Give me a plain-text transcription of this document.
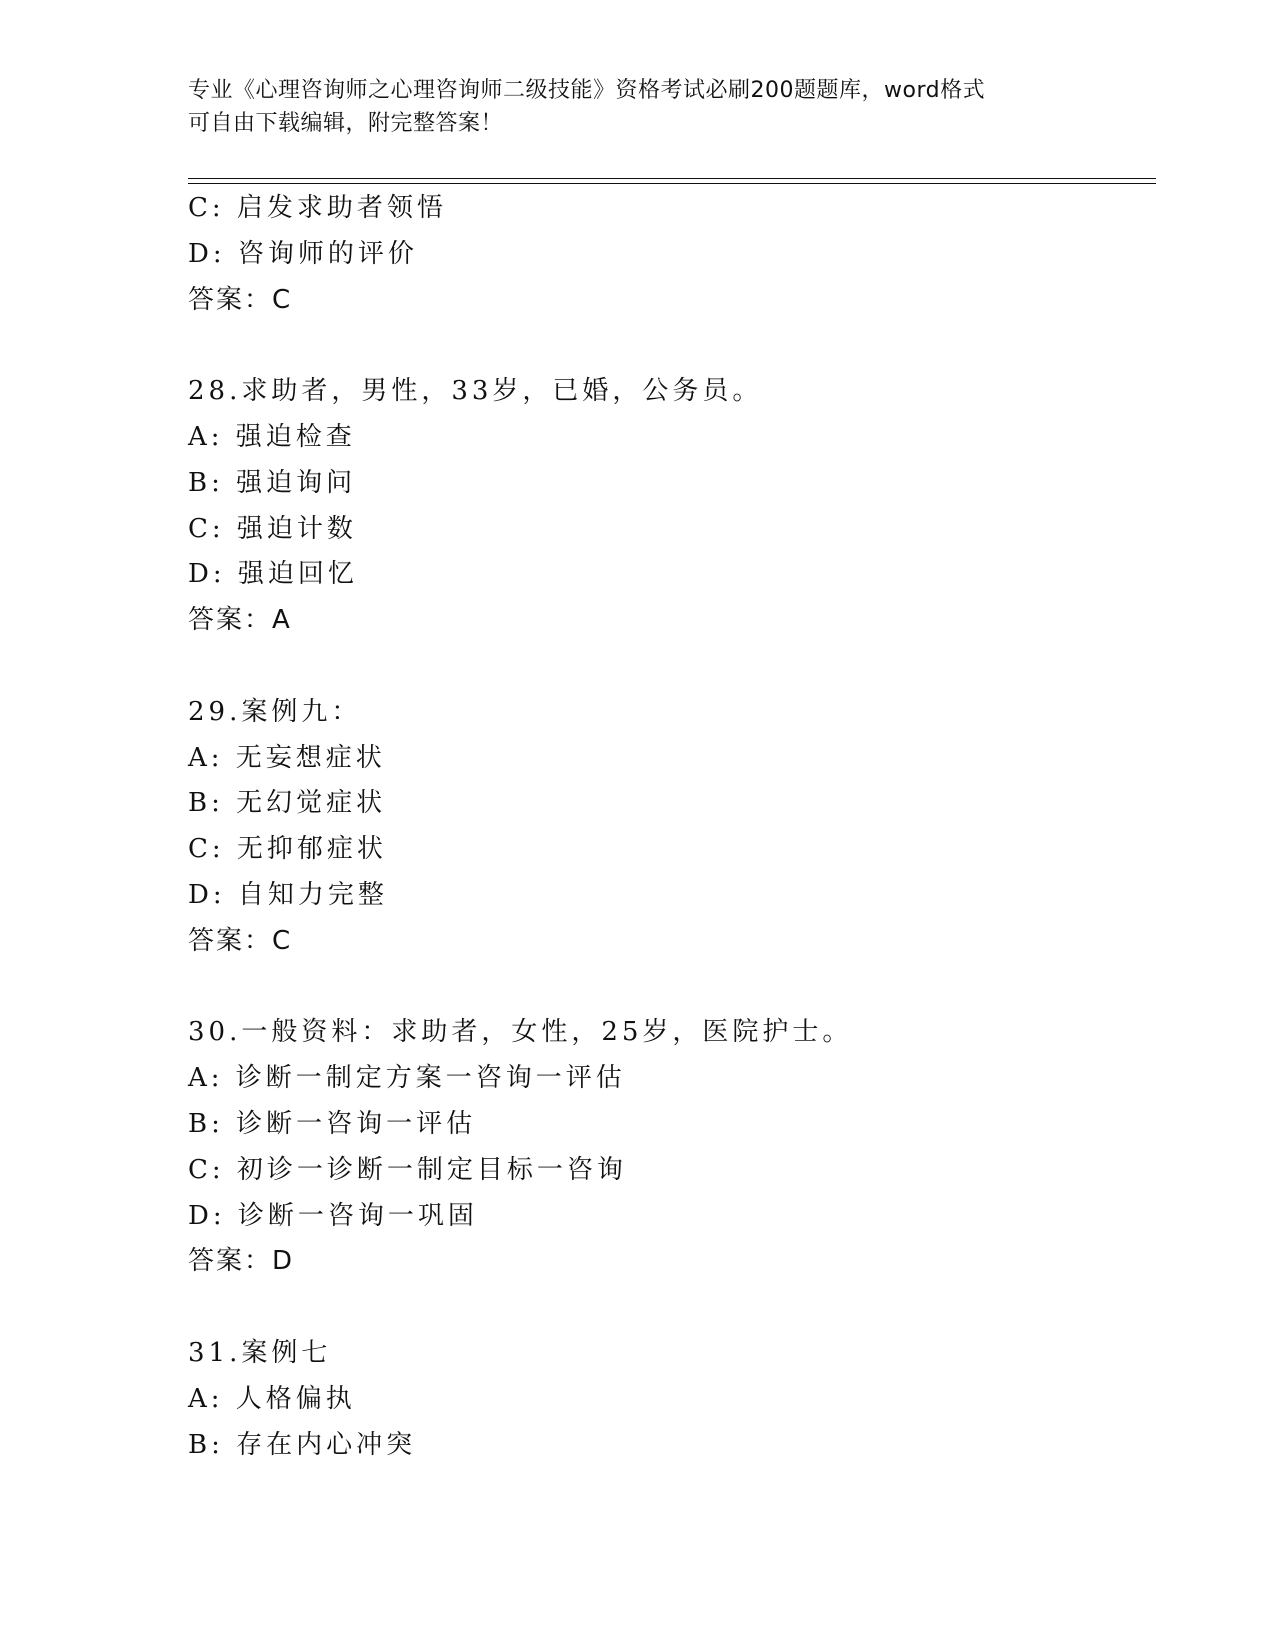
专业《心理咨询师之心理咨询师二级技能》资格考试必刷200题题库，word格式
可自由下载编辑，附完整答案！
C: 启发求助者领悟
D: 咨询师的评价
答案：C
28.求助者，男性，33岁，已婚，公务员。
A: 强迫检查
B: 强迫询问
C: 强迫计数
D: 强迫回忆
答案：A
29.案例九：
A: 无妄想症状
B: 无幻觉症状
C: 无抑郁症状
D: 自知力完整
答案：C
30.一般资料：求助者，女性，25岁，医院护士。
A: 诊断一制定方案一咨询一评估
B: 诊断一咨询一评估
C: 初诊一诊断一制定目标一咨询
D: 诊断一咨询一巩固
答案：D
31.案例七
A: 人格偏执
B: 存在内心冲突
